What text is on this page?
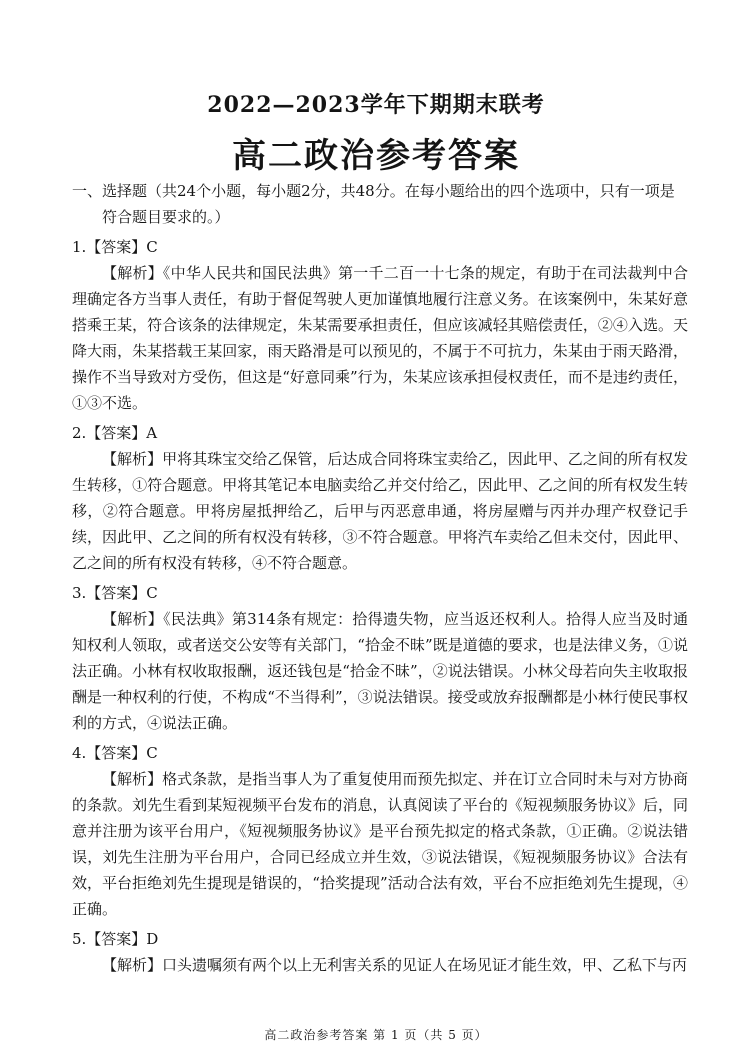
2022—2023学年下期期末联考
高二政治参考答案

一、选择题（共24个小题，每小题2分，共48分。在每小题给出的四个选项中，只有一项是符合题目要求的。）

1.【答案】C

【解析】《中华人民共和国民法典》第一千二百一十七条的规定，有助于在司法裁判中合理确定各方当事人责任，有助于督促驾驶人更加谨慎地履行注意义务。在该案例中，朱某好意搭乘王某，符合该条的法律规定，朱某需要承担责任，但应该减轻其赔偿责任，②④入选。天降大雨，朱某搭载王某回家，雨天路滑是可以预见的，不属于不可抗力，朱某由于雨天路滑，操作不当导致对方受伤，但这是“好意同乘”行为，朱某应该承担侵权责任，而不是违约责任，①③不选。

2.【答案】A

【解析】甲将其珠宝交给乙保管，后达成合同将珠宝卖给乙，因此甲、乙之间的所有权发生转移，①符合题意。甲将其笔记本电脑卖给乙并交付给乙，因此甲、乙之间的所有权发生转移，②符合题意。甲将房屋抵押给乙，后甲与丙恶意串通，将房屋赠与丙并办理产权登记手续，因此甲、乙之间的所有权没有转移，③不符合题意。甲将汽车卖给乙但未交付，因此甲、乙之间的所有权没有转移，④不符合题意。

3.【答案】C

【解析】《民法典》第314条有规定：拾得遗失物，应当返还权利人。拾得人应当及时通知权利人领取，或者送交公安等有关部门，“拾金不昧”既是道德的要求，也是法律义务，①说法正确。小林有权收取报酬，返还钱包是“拾金不昧”，②说法错误。小林父母若向失主收取报酬是一种权利的行使，不构成“不当得利”，③说法错误。接受或放弃报酬都是小林行使民事权利的方式，④说法正确。

4.【答案】C

【解析】格式条款，是指当事人为了重复使用而预先拟定、并在订立合同时未与对方协商的条款。刘先生看到某短视频平台发布的消息，认真阅读了平台的《短视频服务协议》后，同意并注册为该平台用户，《短视频服务协议》是平台预先拟定的格式条款，①正确。②说法错误，刘先生注册为平台用户，合同已经成立并生效，③说法错误，《短视频服务协议》合法有效，平台拒绝刘先生提现是错误的，“拾奖提现”活动合法有效，平台不应拒绝刘先生提现，④正确。

5.【答案】D

【解析】口头遗嘱须有两个以上无利害关系的见证人在场见证才能生效，甲、乙私下与丙

高二政治参考答案 第 1 页（共 5 页）
